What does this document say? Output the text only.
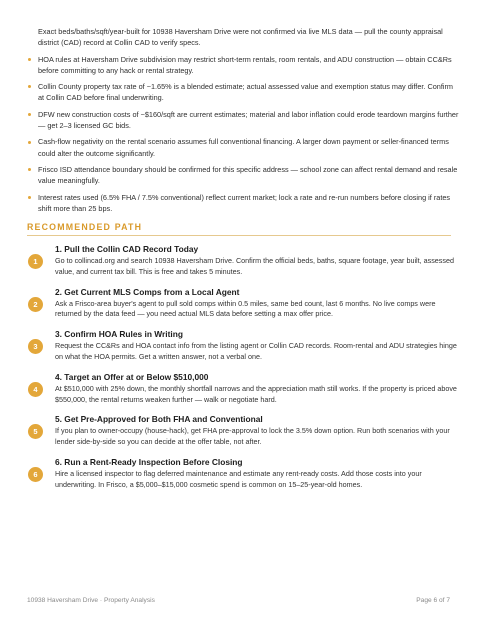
Exact beds/baths/sqft/year-built for 10938 Haversham Drive were not confirmed via live MLS data — pull the county appraisal district (CAD) record at Collin CAD to verify specs.
HOA rules at Haversham Drive subdivision may restrict short-term rentals, room rentals, and ADU construction — obtain CC&Rs before committing to any hack or rental strategy.
Collin County property tax rate of ~1.65% is a blended estimate; actual assessed value and exemption status may differ. Confirm at Collin CAD before final underwriting.
DFW new construction costs of ~$160/sqft are current estimates; material and labor inflation could erode teardown margins further — get 2–3 licensed GC bids.
Cash-flow negativity on the rental scenario assumes full conventional financing. A larger down payment or seller-financed terms could alter the outcome significantly.
Frisco ISD attendance boundary should be confirmed for this specific address — school zone can affect rental demand and resale value meaningfully.
Interest rates used (6.5% FHA / 7.5% conventional) reflect current market; lock a rate and re-run numbers before closing if rates shift more than 25 bps.
RECOMMENDED PATH
1
1. Pull the Collin CAD Record Today
Go to collincad.org and search 10938 Haversham Drive. Confirm the official beds, baths, square footage, year built, assessed value, and current tax bill. This is free and takes 5 minutes.
2
2. Get Current MLS Comps from a Local Agent
Ask a Frisco-area buyer's agent to pull sold comps within 0.5 miles, same bed count, last 6 months. No live comps were returned by the data feed — you need actual MLS data before setting a max offer price.
3
3. Confirm HOA Rules in Writing
Request the CC&Rs and HOA contact info from the listing agent or Collin CAD records. Room-rental and ADU strategies hinge on what the HOA permits. Get a written answer, not a verbal one.
4
4. Target an Offer at or Below $510,000
At $510,000 with 25% down, the monthly shortfall narrows and the appreciation math still works. If the property is priced above $550,000, the rental returns weaken further — walk or negotiate hard.
5
5. Get Pre-Approved for Both FHA and Conventional
If you plan to owner-occupy (house-hack), get FHA pre-approval to lock the 3.5% down option. Run both scenarios with your lender side-by-side so you can decide at the offer table, not after.
6
6. Run a Rent-Ready Inspection Before Closing
Hire a licensed inspector to flag deferred maintenance and estimate any rent-ready costs. Add those costs into your underwriting. In Frisco, a $5,000–$15,000 cosmetic spend is common on 15–25-year-old homes.
10938 Haversham Drive · Property Analysis	Page 6 of 7
